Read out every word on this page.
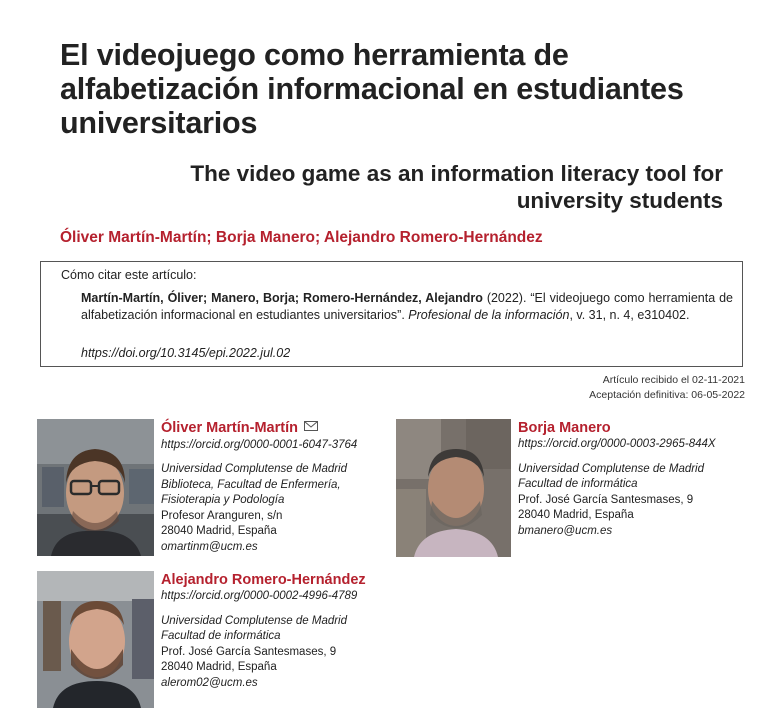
El videojuego como herramienta de alfabetización informacional en estudiantes universitarios
The video game as an information literacy tool for university students
Óliver Martín-Martín; Borja Manero; Alejandro Romero-Hernández
Cómo citar este artículo:
Martín-Martín, Óliver; Manero, Borja; Romero-Hernández, Alejandro (2022). “El videojuego como herramienta de alfabetización informacional en estudiantes universitarios”. Profesional de la información, v. 31, n. 4, e310402.
https://doi.org/10.3145/epi.2022.jul.02
Artículo recibido el 02-11-2021
Aceptación definitiva: 06-05-2022
Óliver Martín-Martín
https://orcid.org/0000-0001-6047-3764
Universidad Complutense de Madrid
Biblioteca, Facultad de Enfermería,
Fisioterapia y Podología
Profesor Aranguren, s/n
28040 Madrid, España
omartinm@ucm.es
Borja Manero
https://orcid.org/0000-0003-2965-844X
Universidad Complutense de Madrid
Facultad de informática
Prof. José García Santesmases, 9
28040 Madrid, España
bmanero@ucm.es
Alejandro Romero-Hernández
https://orcid.org/0000-0002-4996-4789
Universidad Complutense de Madrid
Facultad de informática
Prof. José García Santesmases, 9
28040 Madrid, España
alerom02@ucm.es
